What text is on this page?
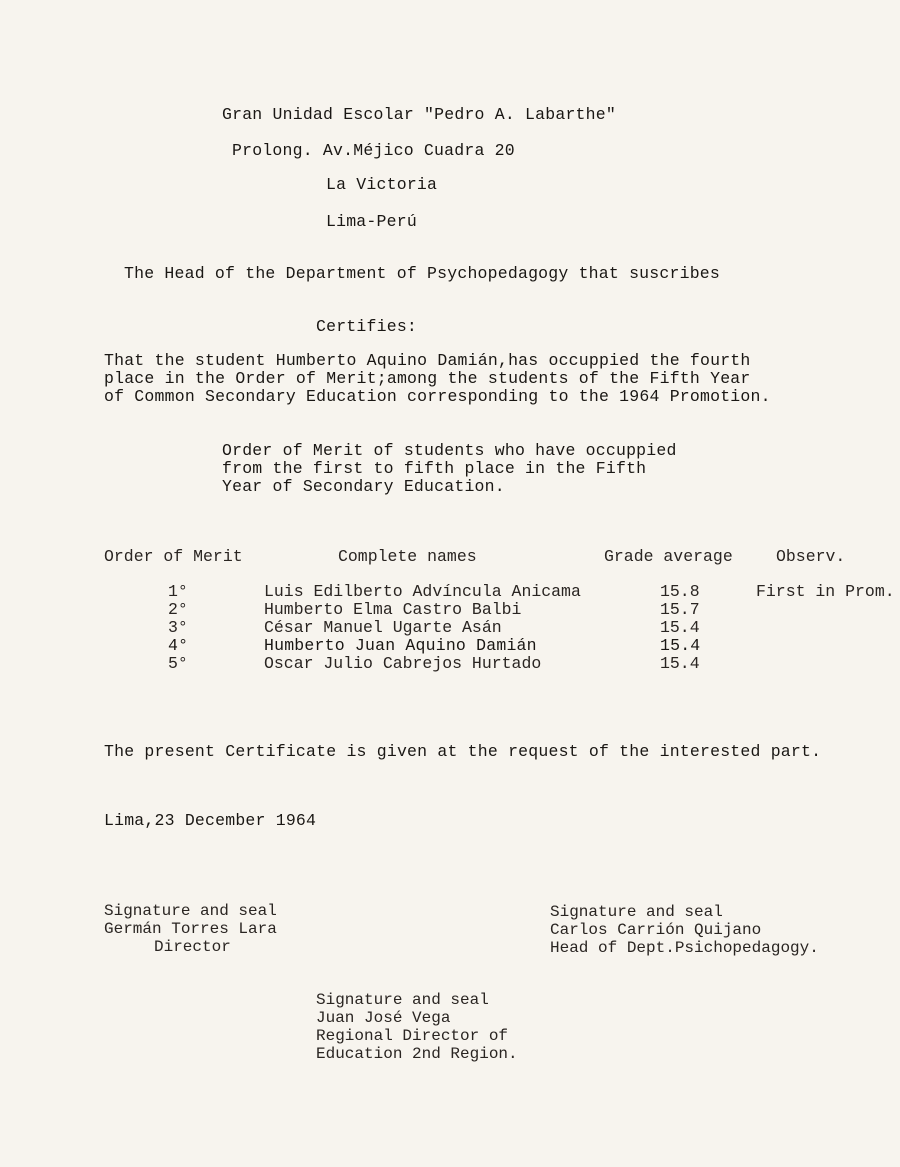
Gran Unidad Escolar "Pedro A. Labarthe"
Prolong. Av.Méjico Cuadra 20
La Victoria
Lima-Perú
The Head of the Department of Psychopedagogy that suscribes
Certifies:
That the student Humberto Aquino Damián,has occuppied the fourth
place in the Order of Merit;among the students of the Fifth Year
of Common Secondary Education corresponding to the 1964 Promotion.
Order of Merit of students who have occuppied
from the first to fifth place in the Fifth
Year of Secondary Education.
Order of Merit	Complete names	Grade average	Observ.
1°	Luis Edilberto Advíncula Anicama	15.8	First in Prom.
2°	Humberto Elma Castro Balbi	15.7
3°	César Manuel Ugarte Asán	15.4
4°	Humberto Juan Aquino Damián	15.4
5°	Oscar Julio Cabrejos Hurtado	15.4
The present Certificate is given at the request of the interested part.
Lima,23 December 1964
Signature and seal
Germán Torres Lara
Director
Signature and seal
Carlos Carrión Quijano
Head of Dept.Psichopedagogy.
Signature and seal
Juan José Vega
Regional Director of
Education 2nd Region.
